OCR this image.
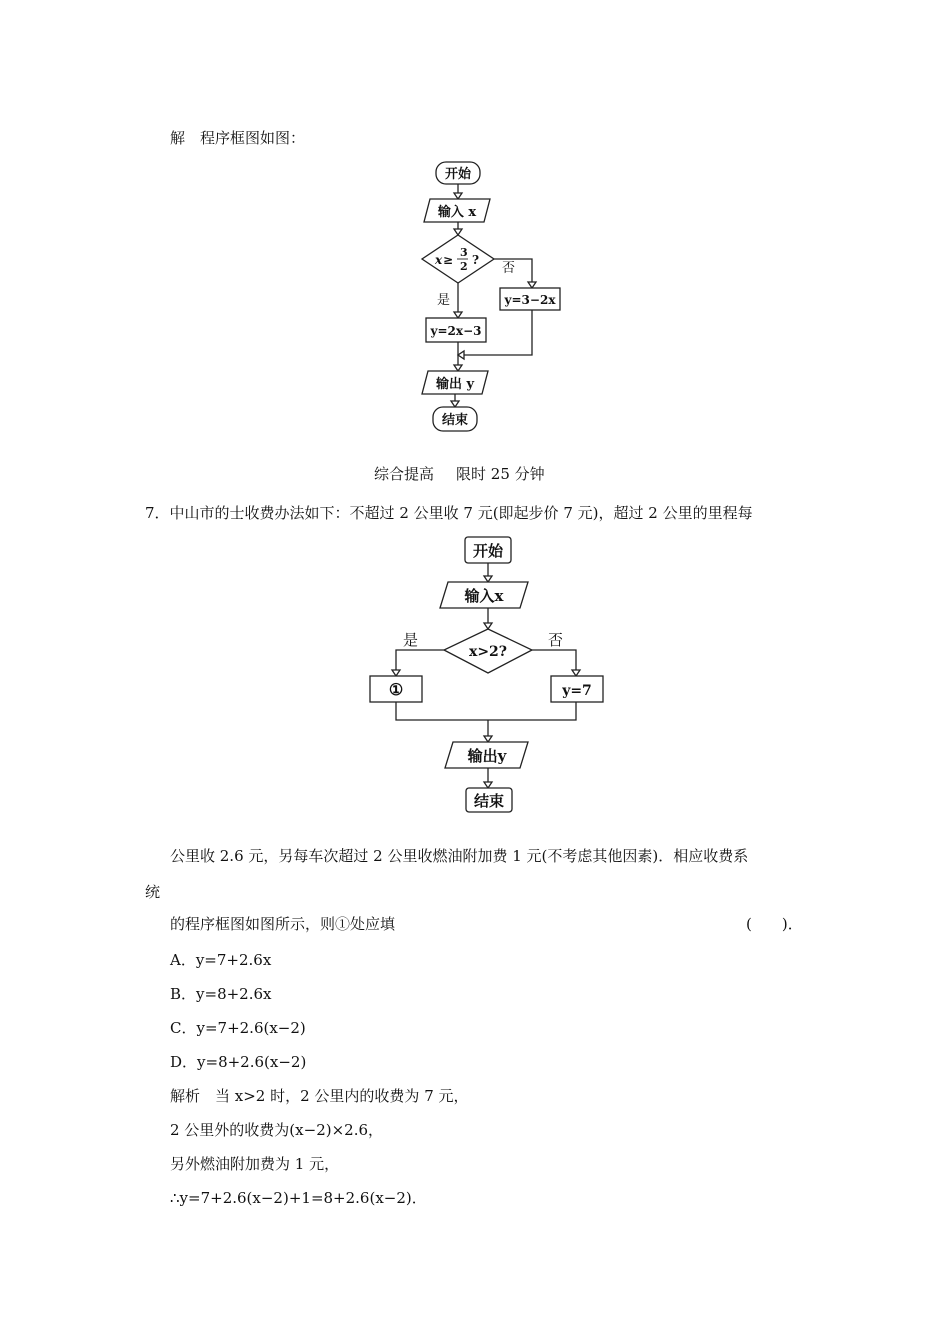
解　程序框图如图：
开始
输入 x
x ≥
3
2 ?
否
y=3−2x
是
y=2x−3
输出 y
结束
开始
综合提高 限时 25 分钟
7．中山市的士收费办法如下：不超过 2 公里收 7 元(即起步价 7 元)，超过 2 公里的里程每
输入x
x>2?
是	否
①	y=7
输出y
结束
公里收 2.6 元，另每车次超过 2 公里收燃油附加费 1 元(不考虑其他因素)．相应收费系
统
的程序框图如图所示，则①处应填	(　　)．
A．y=7+2.6x
B．y=8+2.6x
C．y=7+2.6(x−2)
D．y=8+2.6(x−2)
解析　当 x>2 时，2 公里内的收费为 7 元，
2 公里外的收费为(x−2)×2.6，
另外燃油附加费为 1 元，
∴y=7+2.6(x−2)+1=8+2.6(x−2)．
